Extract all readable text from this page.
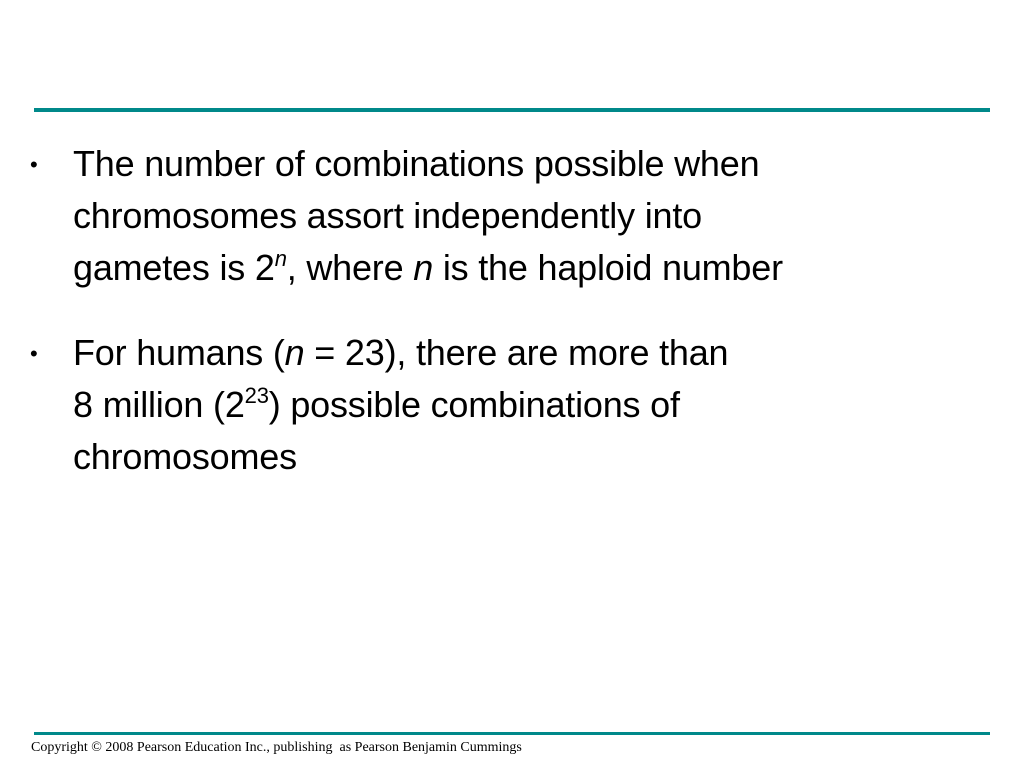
• The number of combinations possible when
chromosomes assort independently into
gametes is 2$^n$, where n is the haploid number
• For humans (n = 23), there are more than
8 million $(2^{23})$ possible combinations of
chromosomes
Copyright © 2008 Pearson Education Inc., publishing  as Pearson Benjamin Cummings
